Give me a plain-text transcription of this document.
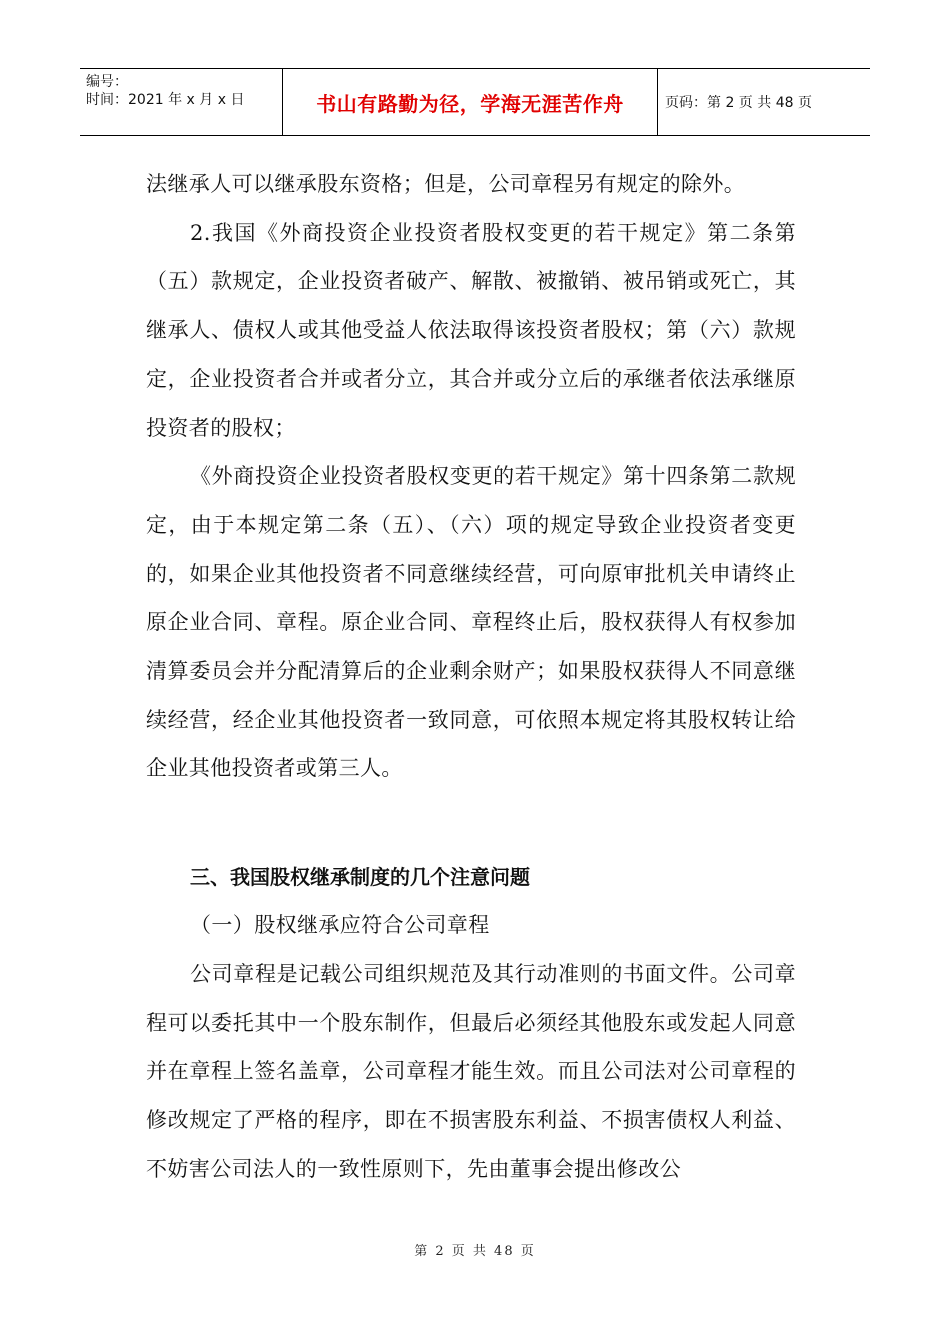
编号：
时间：2021 年 x 月 x 日	书山有路勤为径，学海无涯苦作舟	页码：第 2 页 共 48 页

法继承人可以继承股东资格；但是，公司章程另有规定的除外。

2.我国《外商投资企业投资者股权变更的若干规定》第二条第（五）款规定，企业投资者破产、解散、被撤销、被吊销或死亡，其继承人、债权人或其他受益人依法取得该投资者股权；第（六）款规定，企业投资者合并或者分立，其合并或分立后的承继者依法承继原投资者的股权；

《外商投资企业投资者股权变更的若干规定》第十四条第二款规定，由于本规定第二条（五）、（六）项的规定导致企业投资者变更的，如果企业其他投资者不同意继续经营，可向原审批机关申请终止原企业合同、章程。原企业合同、章程终止后，股权获得人有权参加清算委员会并分配清算后的企业剩余财产；如果股权获得人不同意继续经营，经企业其他投资者一致同意，可依照本规定将其股权转让给企业其他投资者或第三人。

三、我国股权继承制度的几个注意问题

（一）股权继承应符合公司章程

公司章程是记载公司组织规范及其行动准则的书面文件。公司章程可以委托其中一个股东制作，但最后必须经其他股东或发起人同意并在章程上签名盖章，公司章程才能生效。而且公司法对公司章程的修改规定了严格的程序，即在不损害股东利益、不损害债权人利益、不妨害公司法人的一致性原则下，先由董事会提出修改公

第 2 页 共 48 页
